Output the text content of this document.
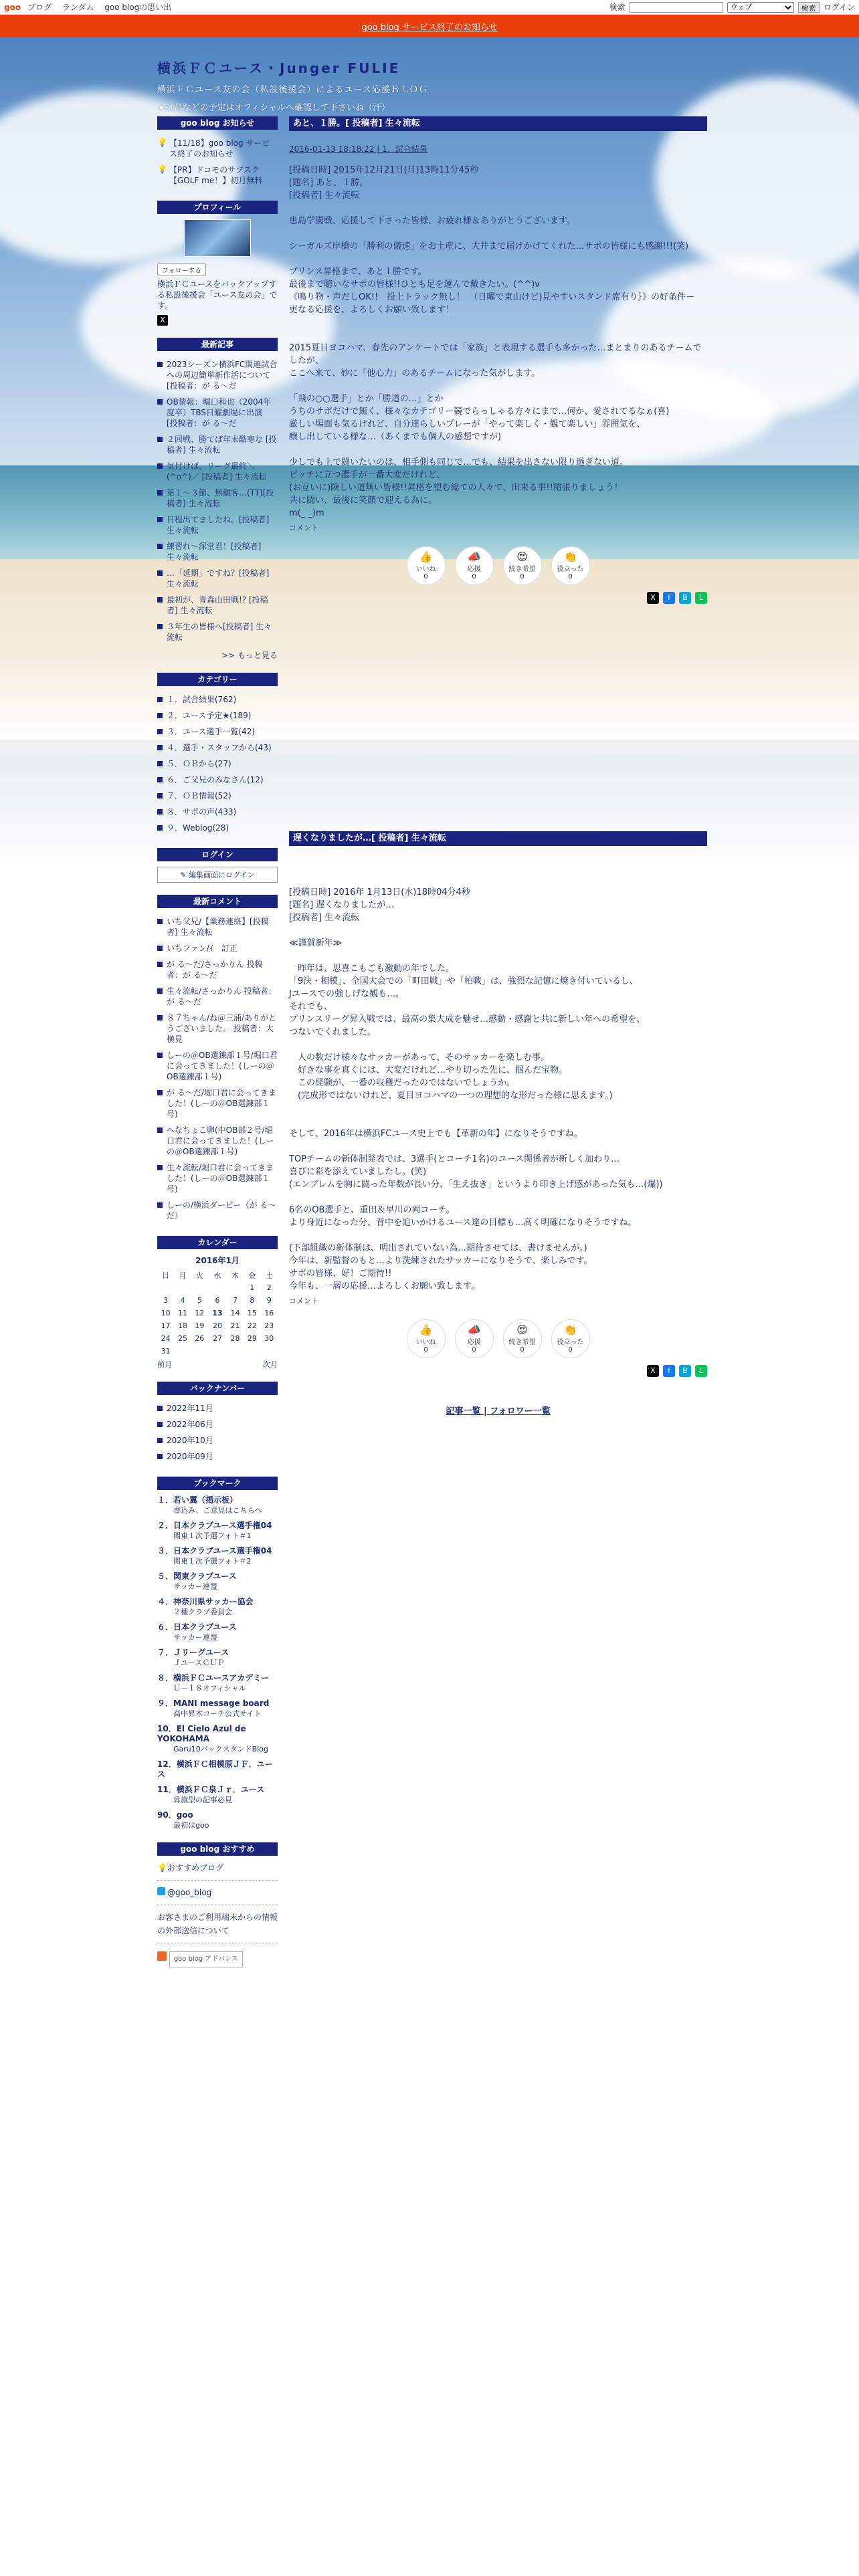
goo ブログ ランダム goo blogの思い出	検索
ウェブ	検索 ログイン
goo blog サービス終了のお知らせ
横浜ＦＣユース・Junger FULIE
横浜ＦＣユース友の会（私設後援会）によるユース応援ＢＬＯＧ
★試合などの予定はオフィシャルへ確認して下さいね（汗）
goo blog お知らせ
💡 【11/18】goo blog サービス終了のお知らせ
💡 【PR】ドコモのサブスク【GOLF me！】初月無料
プロフィール
フォローする
横浜ＦＣユースをバックアップする私設後援会「ユース友の会」です。
X
最新記事
2023シーズン横浜FC関連試合への周辺簡単新作活について　[投稿者：が る～だ
OB情報：堀口和也（2004年度卒）TBS日曜劇場に出演　[投稿者：が る～だ
２回戦、勝てば年末酷寒な [投稿者] 生々流転
気付けば、リーグ最終＼(^o^)／ [投稿者] 生々流転
第１～３節、無観客…(TT)[投稿者] 生々流転
日程出てましたね。[投稿者] 生々流転
練習れ～深堂君！[投稿者] 生々流転
…「延期」ですね？[投稿者] 生々流転
最初が、青森山田戦!? [投稿者] 生々流転
３年生の皆様へ[投稿者] 生々流転
>> もっと見る
カテゴリー
１．試合結果(762)
２．ユース予定★(189)
３．ユース選手一覧(42)
４．選手・スタッフから(43)
５．ＯＢから(27)
６．ご父兄のみなさん(12)
７．ＯＢ情報(52)
８．サポの声(433)
９．Weblog(28)
ログイン
✎ 編集画面にログイン
最新コメント
いち父兄/【業務連絡】[投稿者] 生々流転
いちファン/ｲ　訂正
が る～だ/さっかりん 投稿者：が る～だ
生々流転/さっかりん 投稿者：が る～だ
８７ちゃん/ね＠三浦/ありがとうございました。 投稿者：大横見
しーの＠OB選錬部１号/堀口君に会ってきました！(しーの＠OB選錬部１号)
が る～だ/堀口君に会ってきました！(しーの＠OB選錬部１号)
へなちょこ卵(中OB部２号/堀口君に会ってきました！(しーの＠OB選錬部１号)
生々流転/堀口君に会ってきました！(しーの＠OB選錬部１号)
しーの/横浜ダービー（が る～だ）
カレンダー
2016年1月
日	月	火	水	木	金	土
					1	2
3	4	5	6	7	8	9
10	11	12	13	14	15	16
17	18	19	20	21	22	23
24	25	26	27	28	29	30
31						
前月	次月
バックナンバー
2022年11月
2022年06月
2020年10月
2020年09月
ブックマーク
１．若い翼（掲示板）
書込み、ご意見はこちらへ
２．日本クラブユース選手権04
関東１次予選フォト＃1
３．日本クラブユース選手権04
関東１次予選フォト＃2
５．関東クラブユース
サッカー連盟
４．神奈川県サッカー協会
２種クラブ委員会
６．日本クラブユース
サッカー連盟
７．Ｊリーグユース
ＪユースＣＵＰ
８．横浜ＦＣユースアカデミー
Ｕ－１８オフィシャル
９．MANI message board
高中昇木コーチ公式サイト
10．El Cielo Azul de YOKOHAMA
Garu10バックスタンドBlog
12．横浜ＦＣ相模原ＪＦ．ユース
11．横浜ＦＣ泉Ｊｒ．ユース
昇旗型の記事必見
90．goo
最初はgoo
goo blog おすすめ
💡おすすめブログ
@goo_blog
お客さまのご利用端末からの情報の外部送信について
goo blog アドバンス
あと、１勝。[ 投稿者] 生々流転
2016-01-13 18:18:22 | 1．試合結果

[投稿日時] 2015年12月21日(月)13時11分45秒

[題名] あと、１勝。

[投稿者] 生々流転

患島学園戦、応援して下さった皆様、お疲れ様＆ありがとうございます。

シーガルズ岸橋の「勝利の儀速」をお土産に、大井まで届けかけてくれた…サポの皆様にも感謝!!!(笑)

プリンス昇格まで、あと１勝です。

最後まで聴いなサポの皆様!!ひとも足を運んで戴きたい。(^^)v

《鳴り物・声だしOK!!　投上トラック無し！　（日曜で東山けど)見やすいスタンド席有り｝》の好条件ー

更なる応援を、よろしくお願い致します！

2015夏目ヨコハマ、春先のアンケートでは「家族」と表現する選手も多かった…まとまりのあるチームでしたが、

ここへ来て、妙に「他心力」のあるチームになった気がします。

「飛の○○選手」とか「勝道の…」とか

うちのサポだけで無く、様々なカテゴリー競でらっしゃる方々にまで…何か、愛されてるなぁ(喜)

厳しい場面も気るけれど、自分達らしいプレーが「やって楽しく・観て楽しい」雰囲気を、

醸し出している様な…（あくまでも個人の感想ですが)

少しでも上で闘いたいのは、相手側も同じで…でも、結果を出さない限り過ぎない道。

ピッチに立つ選手が一番大変だけれど、

(お互いに)険しい道無い皆様!!昇格を望む総ての人々で、出来る事!!精張りましょう！

共に闘い、最後に笑顔で迎える為に。

m(_ _)m

コメント
👍
いいね
0
📣
応援
0
😍
続き希望
0
👏
役立った
0
X	f	B	L
遅くなりましたが…[ 投稿者] 生々流転

[投稿日時] 2016年 1月13日(水)18時04分4秒

[題名] 遅くなりましたが…

[投稿者] 生々流転

≪謹賀新年≫

　昨年は、思喜こもごも激動の年でした。

「9決・相模」、全国大会での「町田戦」や「柏戦」は、強烈な記憶に焼き付いているし、

Jユースでの強しげな観も…。

それでも、

プリンスリーグ昇入戦では、最高の集大成を魅せ…感動・感謝と共に新しい年への希望を、

つないでくれました。

　人の数だけ様々なサッカーがあって、そのサッカーを楽しむ事。

　好きな事を真くには、大変だけれど…やり切った先に、掴んだ宝物。

　この経験が、一番の収穫だったのではないでしょうか。

　(完成形ではないけれど、夏目ヨコハマの一つの理想的な形だった様に思えます。)

そして、2016年は横浜FCユース史上でも【革新の年】になりそうですね。

TOPチームの新体制発表では、3選手(とコーチ1名)のユース関係者が新しく加わり…

喜びに彩を添えていましたし。(笑)

(エンブレムを胸に闘った年数が長い分、「生え抜き」というより印き上げ感があった気も…(爆))

6名のOB選手と、重田＆早川の両コーチ。

より身近になった分、背中を追いかけるユース達の目標も…高く明確になりそうですね。

(下部組織の新体制は、明出されていない為…期待させては、書けませんが。)

今年は、新監督のもと…より洗練されたサッカーになりそうで、楽しみです。

サポの皆様、好！ご期待!!

今年も、一層の応援…よろしくお願い致します。

コメント
👍
いいね
0
📣
応援
0
😍
続き希望
0
👏
役立った
0
X	f	B	L
記事一覧 | フォロワー一覧
